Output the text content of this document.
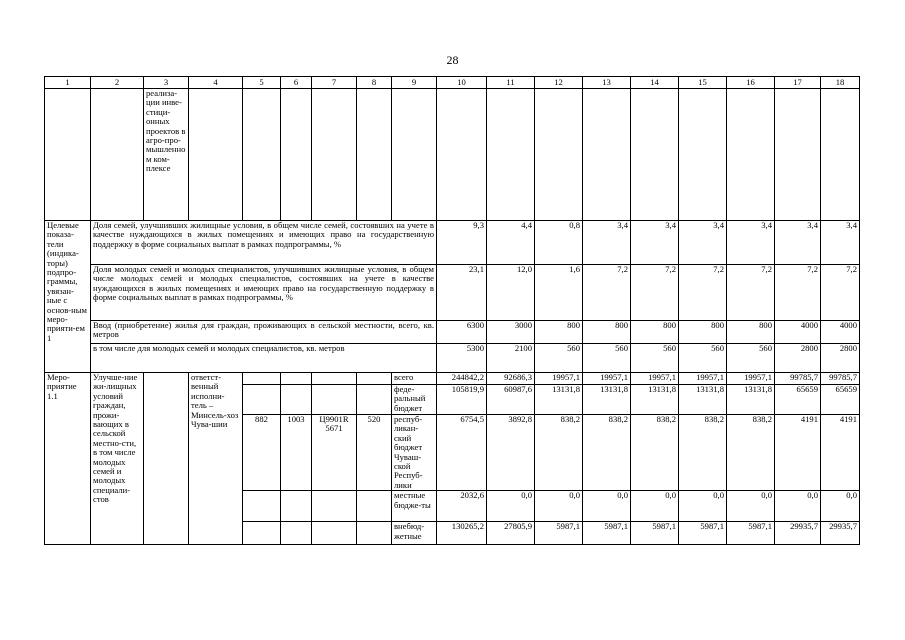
28
1	2	3	4	5	6	7	8	9	10	11	12	13	14	15	16	17	18
		реализа-ции инве-стици-онных проектов в агро-про-мышленном ком-плексе															
Целевые показа-тели (индика-торы) подпро-граммы, увязан-ные с основ-ным меро-прияти-ем 1	Доля семей, улучшивших жилищные условия, в общем числе семей, состоявших на учете в качестве нуждающихся в жилых помещениях и имеющих право на государственную поддержку в форме социальных выплат в рамках подпрограммы, %								9,3	4,4	0,8	3,4	3,4	3,4	3,4	3,4	3,4
	Доля молодых семей и молодых специалистов, улучшивших жилищные условия, в общем числе молодых семей и молодых специалистов, состоявших на учете в качестве нуждающихся в жилых помещениях и имеющих право на государственную поддержку в форме социальных выплат в рамках подпрограммы, %								23,1	12,0	1,6	7,2	7,2	7,2	7,2	7,2	7,2
	Ввод (приобретение) жилья для граждан, проживающих в сельской местности, всего, кв. метров								6300	3000	800	800	800	800	800	4000	4000
	в том числе для молодых семей и молодых специалистов, кв. метров								5300	2100	560	560	560	560	560	2800	2800
Меро-приятие 1.1	Улучше-ние жи-лищных условий граждан, прожи-вающих в сельской местно-сти, в том числе молодых семей и молодых специали-стов		ответст-венный исполни-тель – Минсель-хоз Чува-шии					всего	244842,2	92686,3	19957,1	19957,1	19957,1	19957,1	19957,1	99785,7	99785,7
								феде-ральный бюджет	105819,9	60987,6	13131,8	13131,8	13131,8	13131,8	13131,8	65659	65659
				882	1003	Ц9901R 5671	520	респуб-ликан-ский бюджет Чуваш-ской Респуб-лики	6754,5	3892,8	838,2	838,2	838,2	838,2	838,2	4191	4191
								местные бюдже-ты	2032,6	0,0	0,0	0,0	0,0	0,0	0,0	0,0	0,0
								внебюд-жетные	130265,2	27805,9	5987,1	5987,1	5987,1	5987,1	5987,1	29935,7	29935,7
